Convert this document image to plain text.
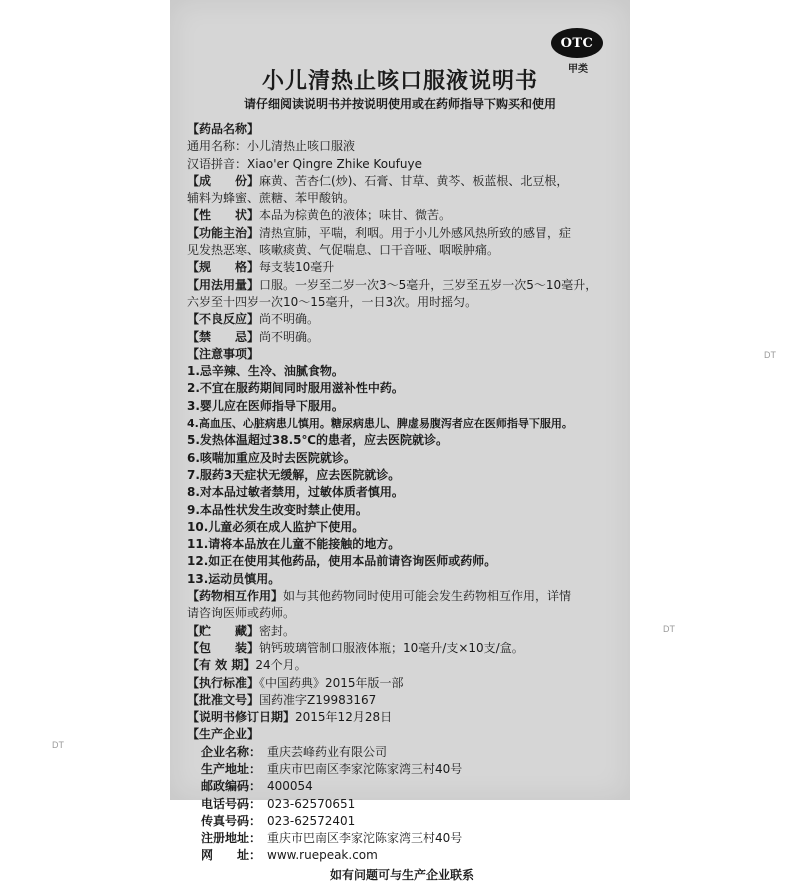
DT
DT
DT
OTC
甲类
小儿清热止咳口服液说明书
请仔细阅读说明书并按说明使用或在药师指导下购买和使用
【药品名称】
通用名称：小儿清热止咳口服液
汉语拼音：Xiao'er Qingre Zhike Koufuye
【成　　份】麻黄、苦杏仁(炒)、石膏、甘草、黄芩、板蓝根、北豆根，
辅料为蜂蜜、蔗糖、苯甲酸钠。
【性　　状】本品为棕黄色的液体；味甘、微苦。
【功能主治】清热宣肺，平喘，利咽。用于小儿外感风热所致的感冒，症
见发热恶寒、咳嗽痰黄、气促喘息、口干音哑、咽喉肿痛。
【规　　格】每支装10毫升
【用法用量】口服。一岁至二岁一次3～5毫升，三岁至五岁一次5～10毫升，
六岁至十四岁一次10～15毫升，一日3次。用时摇匀。
【不良反应】尚不明确。
【禁　　忌】尚不明确。
【注意事项】
1.忌辛辣、生冷、油腻食物。
2.不宜在服药期间同时服用滋补性中药。
3.婴儿应在医师指导下服用。
4.高血压、心脏病患儿慎用。糖尿病患儿、脾虚易腹泻者应在医师指导下服用。
5.发热体温超过38.5℃的患者，应去医院就诊。
6.咳喘加重应及时去医院就诊。
7.服药3天症状无缓解，应去医院就诊。
8.对本品过敏者禁用，过敏体质者慎用。
9.本品性状发生改变时禁止使用。
10.儿童必须在成人监护下使用。
11.请将本品放在儿童不能接触的地方。
12.如正在使用其他药品，使用本品前请咨询医师或药师。
13.运动员慎用。
【药物相互作用】如与其他药物同时使用可能会发生药物相互作用，详情
请咨询医师或药师。
【贮　　藏】密封。
【包　　装】钠钙玻璃管制口服液体瓶；10毫升/支×10支/盒。
【有 效 期】24个月。
【执行标准】《中国药典》2015年版一部
【批准文号】国药准字Z19983167
【说明书修订日期】2015年12月28日
【生产企业】
企业名称： 重庆芸峰药业有限公司
生产地址： 重庆市巴南区李家沱陈家湾三村40号
邮政编码： 400054
电话号码： 023-62570651
传真号码： 023-62572401
注册地址： 重庆市巴南区李家沱陈家湾三村40号
网　　址： www.ruepeak.com
如有问题可与生产企业联系
